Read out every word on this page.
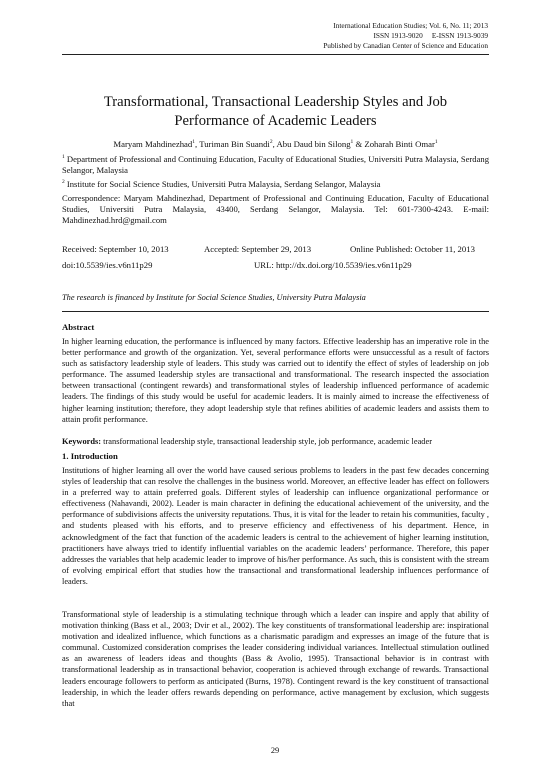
International Education Studies; Vol. 6, No. 11; 2013
ISSN 1913-9020     E-ISSN 1913-9039
Published by Canadian Center of Science and Education
Transformational, Transactional Leadership Styles and Job
Performance of Academic Leaders
Maryam Mahdinezhad$^1$, Turiman Bin Suandi$^2$, Abu Daud bin Silong$^1$ & Zoharah Binti Omar$^1$
$^1$ Department of Professional and Continuing Education, Faculty of Educational Studies, Universiti Putra Malaysia, Serdang Selangor, Malaysia
$^2$ Institute for Social Science Studies, Universiti Putra Malaysia, Serdang Selangor, Malaysia
Correspondence: Maryam Mahdinezhad, Department of Professional and Continuing Education, Faculty of Educational Studies, Universiti Putra Malaysia, 43400, Serdang Selangor, Malaysia. Tel: 601-7300-4243. E-mail: Mahdinezhad.hrd@gmail.com
Received: September 10, 2013	Accepted: September 29, 2013	Online Published: October 11, 2013
doi:10.5539/ies.v6n11p29	URL: http://dx.doi.org/10.5539/ies.v6n11p29
The research is financed by Institute for Social Science Studies, University Putra Malaysia
Abstract
In higher learning education, the performance is influenced by many factors. Effective leadership has an imperative role in the better performance and growth of the organization. Yet, several performance efforts were unsuccessful as a result of factors such as satisfactory leadership style of leaders. This study was carried out to identify the effect of styles of leadership on job performance. The assumed leadership styles are transactional and transformational. The research inspected the association between transactional (contingent rewards) and transformational styles of leadership influenced performance of academic leaders. The findings of this study would be useful for academic leaders. It is mainly aimed to increase the effectiveness of higher learning institution; therefore, they adopt leadership style that refines abilities of academic leaders and assists them to attain profit performance.
Keywords: transformational leadership style, transactional leadership style, job performance, academic leader
1. Introduction
Institutions of higher learning all over the world have caused serious problems to leaders in the past few decades concerning styles of leadership that can resolve the challenges in the business world. Moreover, an effective leader has effect on followers in a preferred way to attain preferred goals. Different styles of leadership can influence organizational performance or effectiveness (Nahavandi, 2002). Leader is main character in defining the educational achievement of the university, and the performance of subdivisions affects the university reputations. Thus, it is vital for the leader to retain his communities, faculty , and students pleased with his efforts, and to preserve efficiency and effectiveness of his department. Hence, in acknowledgment of the fact that function of the academic leaders is central to the achievement of higher learning institution, practitioners have always tried to identify influential variables on the academic leaders’ performance. Therefore, this paper addresses the variables that help academic leader to improve of his/her performance. As such, this is consistent with the stream of evolving empirical effort that studies how the transactional and transformational leadership influences performance of leaders.
Transformational style of leadership is a stimulating technique through which a leader can inspire and apply that ability of motivation thinking (Bass et al., 2003; Dvir et al., 2002). The key constituents of transformational leadership are: inspirational motivation and idealized influence, which functions as a charismatic paradigm and expresses an image of the future that is communal. Customized consideration comprises the leader considering individual variances. Intellectual stimulation outlined as an awareness of leaders ideas and thoughts (Bass & Avolio, 1995). Transactional behavior is in contrast with transformational leadership as in transactional behavior, cooperation is achieved through exchange of rewards. Transactional leaders encourage followers to perform as anticipated (Burns, 1978). Contingent reward is the key constituent of transactional leadership, in which the leader offers rewards depending on performance, active management by exclusion, which suggests that
29
